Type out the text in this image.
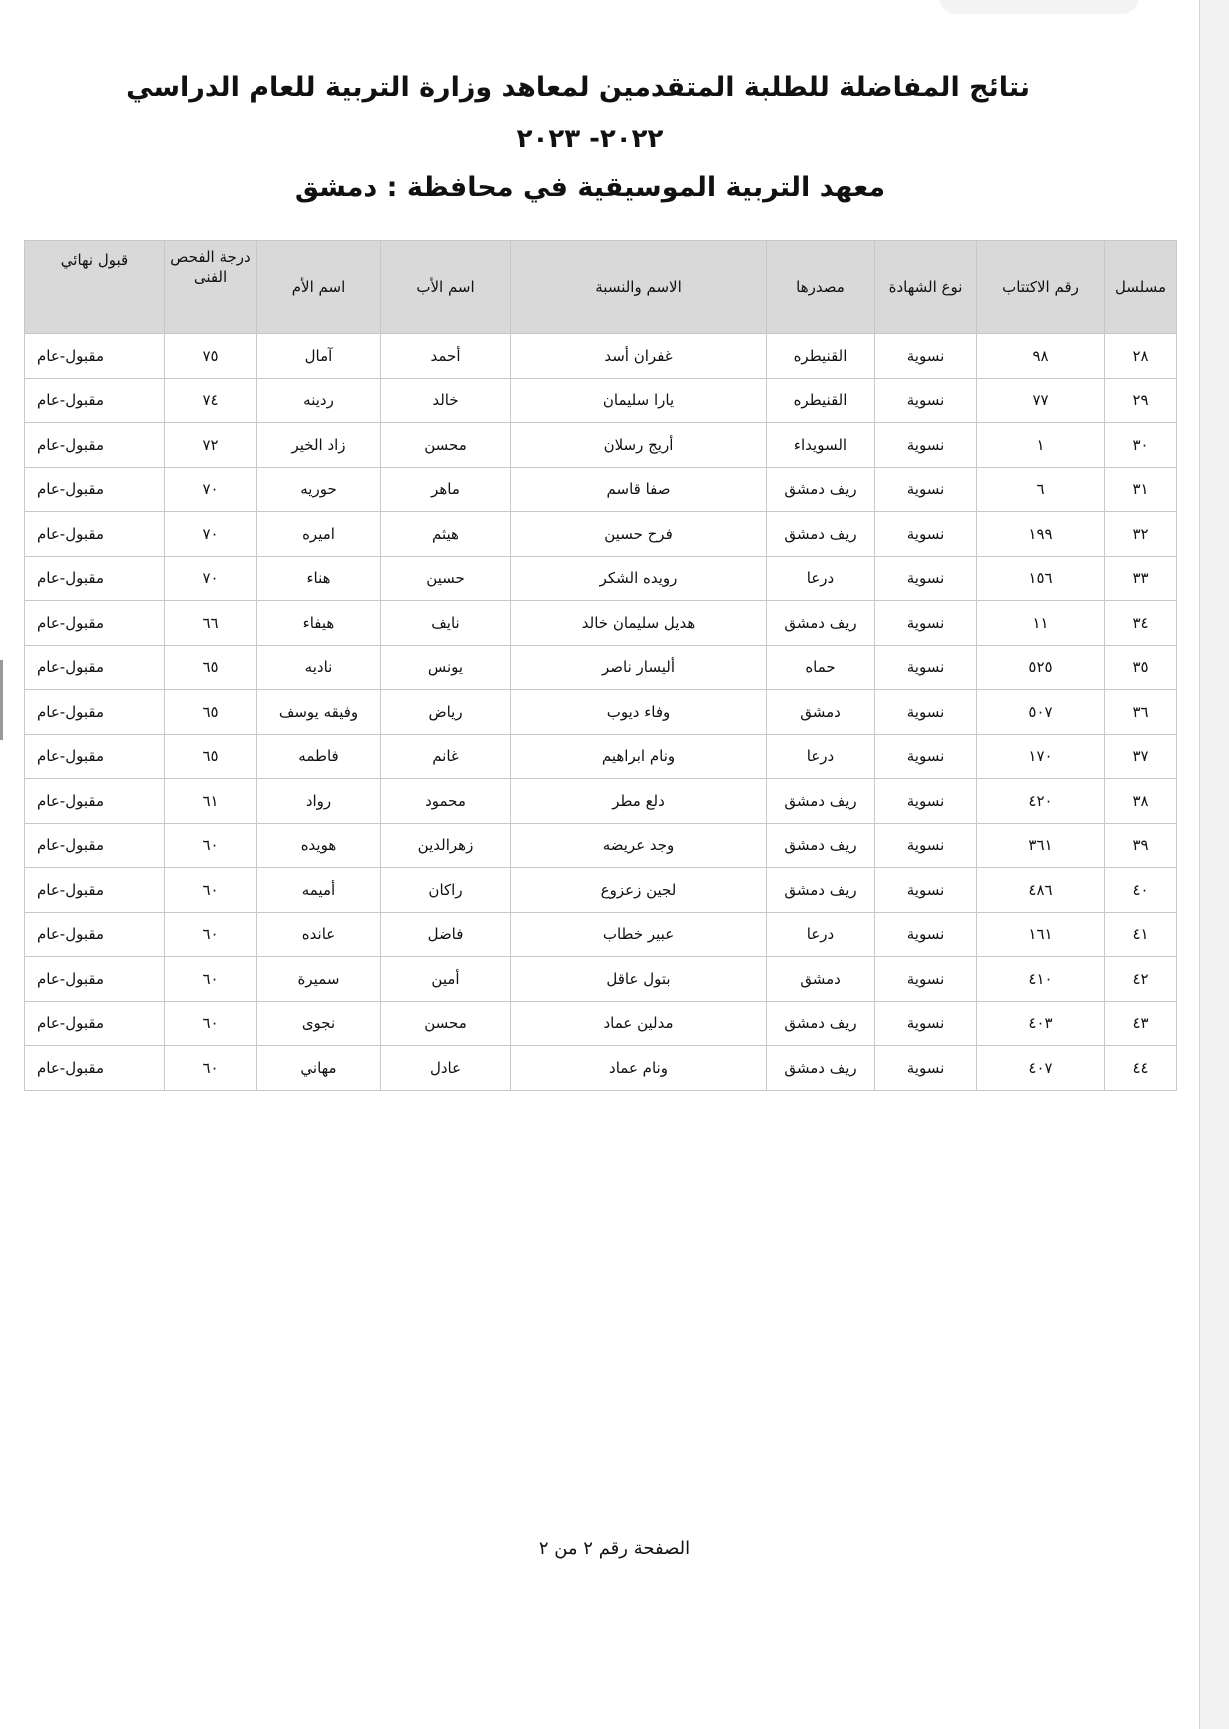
نتائج المفاضلة للطلبة المتقدمين لمعاهد وزارة التربية للعام الدراسي
٢٠٢٢- ٢٠٢٣
معهد التربية الموسيقية في محافظة : دمشق
مسلسل	رقم الاكتتاب	نوع الشهادة	مصدرها	الاسم والنسبة	اسم الأب	اسم الأم	درجة الفحص الفنى	قبول نهائي
٢٨	٩٨	نسوية	القنيطره	غفران أسد	أحمد	آمال	٧٥	مقبول-عام
٢٩	٧٧	نسوية	القنيطره	يارا سليمان	خالد	ردينه	٧٤	مقبول-عام
٣٠	١	نسوية	السويداء	أريج رسلان	محسن	زاد الخير	٧٢	مقبول-عام
٣١	٦	نسوية	ريف دمشق	صفا قاسم	ماهر	حوريه	٧٠	مقبول-عام
٣٢	١٩٩	نسوية	ريف دمشق	فرح حسين	هيثم	اميره	٧٠	مقبول-عام
٣٣	١٥٦	نسوية	درعا	رويده الشكر	حسين	هناء	٧٠	مقبول-عام
٣٤	١١	نسوية	ريف دمشق	هديل سليمان خالد	نايف	هيفاء	٦٦	مقبول-عام
٣٥	٥٢٥	نسوية	حماه	أليسار ناصر	يونس	ناديه	٦٥	مقبول-عام
٣٦	٥٠٧	نسوية	دمشق	وفاء ديوب	رياض	وفيقه يوسف	٦٥	مقبول-عام
٣٧	١٧٠	نسوية	درعا	ونام ابراهيم	غانم	فاطمه	٦٥	مقبول-عام
٣٨	٤٢٠	نسوية	ريف دمشق	دلع مطر	محمود	رواد	٦١	مقبول-عام
٣٩	٣٦١	نسوية	ريف دمشق	وجد عريضه	زهرالدين	هويده	٦٠	مقبول-عام
٤٠	٤٨٦	نسوية	ريف دمشق	لجين زعزوع	راكان	أميمه	٦٠	مقبول-عام
٤١	١٦١	نسوية	درعا	عبير خطاب	فاضل	عانده	٦٠	مقبول-عام
٤٢	٤١٠	نسوية	دمشق	بتول عاقل	أمين	سميرة	٦٠	مقبول-عام
٤٣	٤٠٣	نسوية	ريف دمشق	مدلين عماد	محسن	نجوى	٦٠	مقبول-عام
٤٤	٤٠٧	نسوية	ريف دمشق	ونام عماد	عادل	مهاني	٦٠	مقبول-عام
الصفحة رقم ٢ من ٢
